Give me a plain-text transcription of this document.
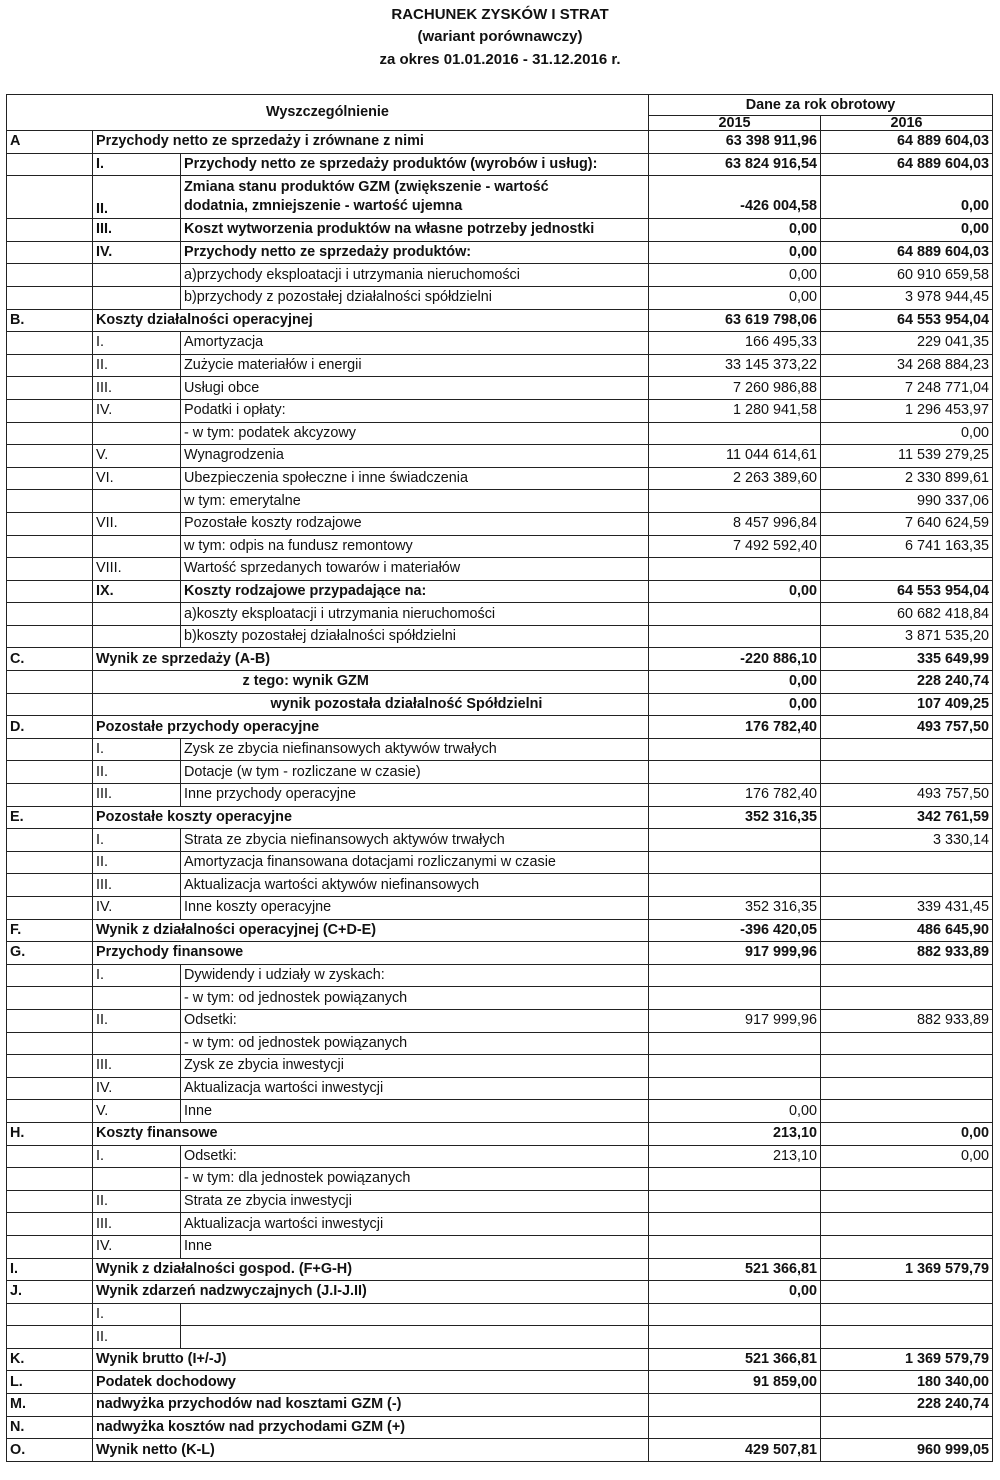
RACHUNEK ZYSKÓW I STRAT
(wariant porównawczy)
za okres 01.01.2016 - 31.12.2016 r.
Wyszczególnienie			Dane za rok obrotowy	
			2015	2016
A	Przychody netto ze sprzedaży i zrównane z nimi		63 398 911,96	64 889 604,03
	I.	Przychody netto ze sprzedaży produktów (wyrobów i usług):	63 824 916,54	64 889 604,03
	II.	Zmiana stanu produktów GZM (zwiększenie - wartość
dodatnia, zmniejszenie - wartość ujemna	-426 004,58	0,00
	III.	Koszt wytworzenia produktów na własne potrzeby jednostki	0,00	0,00
	IV.	Przychody netto ze sprzedaży produktów:	0,00	64 889 604,03
		a)przychody eksploatacji i utrzymania nieruchomości	0,00	60 910 659,58
		b)przychody z pozostałej działalności spółdzielni	0,00	3 978 944,45
B.	Koszty działalności operacyjnej		63 619 798,06	64 553 954,04
	I.	Amortyzacja	166 495,33	229 041,35
	II.	Zużycie materiałów i energii	33 145 373,22	34 268 884,23
	III.	Usługi obce	7 260 986,88	7 248 771,04
	IV.	Podatki i opłaty:	1 280 941,58	1 296 453,97
		- w tym: podatek akcyzowy		0,00
	V.	Wynagrodzenia	11 044 614,61	11 539 279,25
	VI.	Ubezpieczenia społeczne i inne świadczenia	2 263 389,60	2 330 899,61
		w tym: emerytalne		990 337,06
	VII.	Pozostałe koszty rodzajowe	8 457 996,84	7 640 624,59
		w tym: odpis na fundusz remontowy	7 492 592,40	6 741 163,35
	VIII.	Wartość sprzedanych towarów i materiałów		
	IX.	Koszty rodzajowe przypadające na:	0,00	64 553 954,04
		a)koszty eksploatacji i utrzymania nieruchomości		60 682 418,84
		b)koszty pozostałej działalności spółdzielni		3 871 535,20
C.	Wynik ze sprzedaży (A-B)		-220 886,10	335 649,99
		z tego: wynik GZM	0,00	228 240,74
		wynik pozostała działalność Spółdzielni	0,00	107 409,25
D.	Pozostałe przychody operacyjne		176 782,40	493 757,50
	I.	Zysk ze zbycia niefinansowych aktywów trwałych		
	II.	Dotacje (w tym - rozliczane w czasie)		
	III.	Inne przychody operacyjne	176 782,40	493 757,50
E.	Pozostałe koszty operacyjne		352 316,35	342 761,59
	I.	Strata ze zbycia niefinansowych aktywów trwałych		3 330,14
	II.	Amortyzacja finansowana dotacjami rozliczanymi w czasie		
	III.	Aktualizacja wartości aktywów niefinansowych		
	IV.	Inne koszty operacyjne	352 316,35	339 431,45
F.	Wynik z działalności operacyjnej (C+D-E)		-396 420,05	486 645,90
G.	Przychody finansowe		917 999,96	882 933,89
	I.	Dywidendy i udziały w zyskach:		
		- w tym: od jednostek powiązanych		
	II.	Odsetki:	917 999,96	882 933,89
		- w tym: od jednostek powiązanych		
	III.	Zysk ze zbycia inwestycji		
	IV.	Aktualizacja wartości inwestycji		
	V.	Inne	0,00	
H.	Koszty finansowe		213,10	0,00
	I.	Odsetki:	213,10	0,00
		- w tym: dla jednostek powiązanych		
	II.	Strata ze zbycia inwestycji		
	III.	Aktualizacja wartości inwestycji		
	IV.	Inne		
I.	Wynik z działalności gospod. (F+G-H)		521 366,81	1 369 579,79
J.	Wynik zdarzeń nadzwyczajnych (J.I-J.II)		0,00	
	I.			
	II.			
K.	Wynik brutto (I+/-J)		521 366,81	1 369 579,79
L.	Podatek dochodowy		91 859,00	180 340,00
M.	nadwyżka przychodów nad kosztami GZM (-)			228 240,74
N.	nadwyżka kosztów nad przychodami GZM (+)			
O.	Wynik netto (K-L)		429 507,81	960 999,05
